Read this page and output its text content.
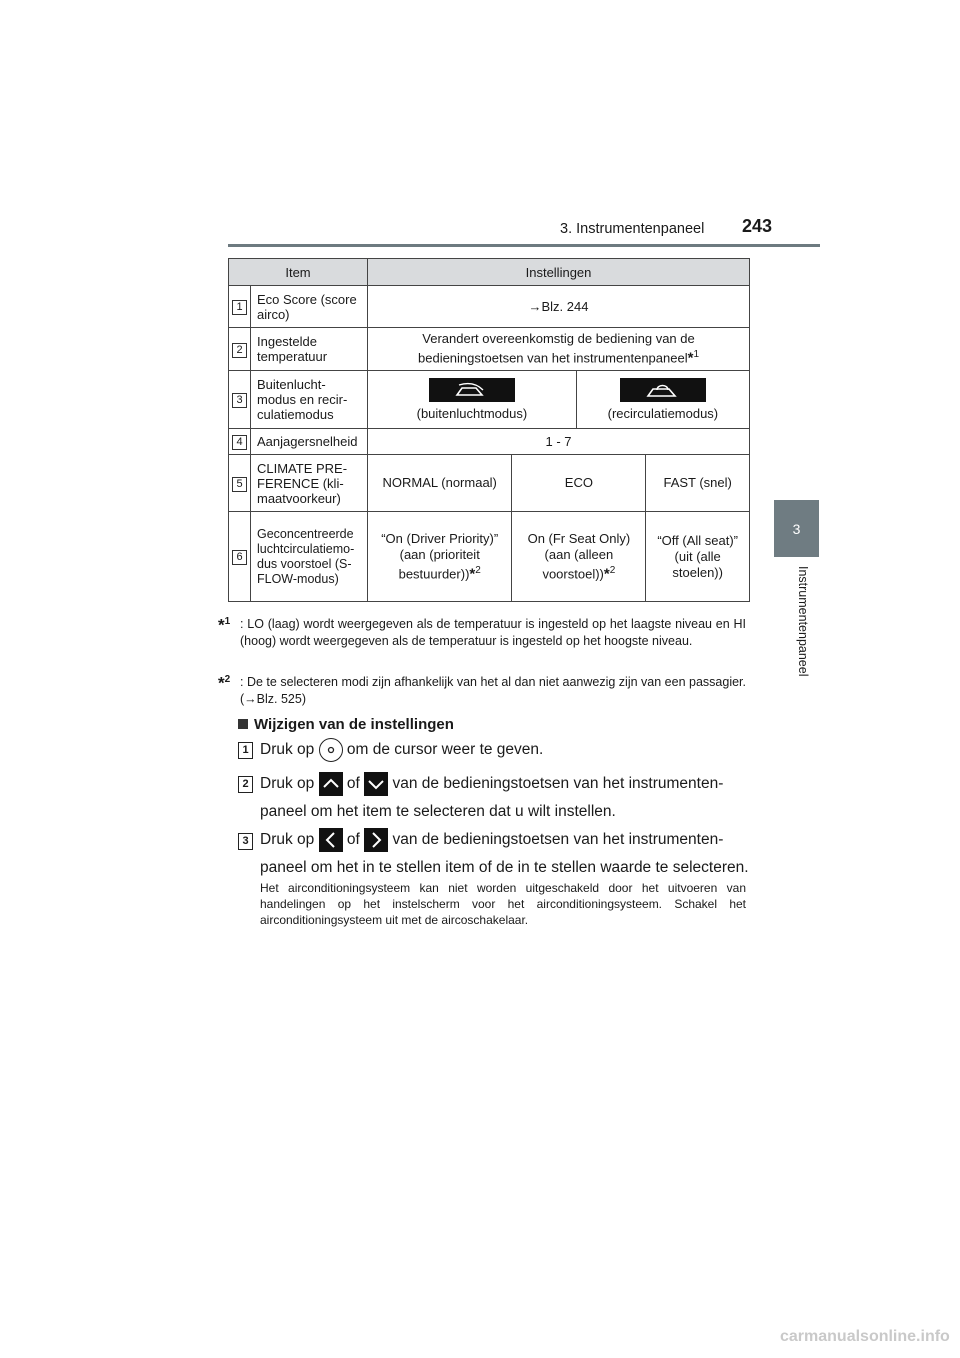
3. Instrumentenpaneel 243
3
Instrumentenpaneel
Item		Instellingen			
1	Eco Score (score airco)	→Blz. 244			
2	Ingestelde temperatuur	Verandert overeenkomstig de bediening van de bedieningstoetsen van het instrumentenpaneel*$^1$
3	Buitenlucht-modus en recir-culatiemodus	(buitenluchtmodus)		(recirculatiemodus)	
4	Aanjagersnelheid	1 - 7			
5	CLIMATE PRE-FERENCE (kli-maatvoorkeur)	NORMAL (normaal)	ECO		FAST (snel)
6	Geconcentreerde luchtcirculatiemo-dus voorstoel (S-FLOW-modus)	“On (Driver Priority)” (aan (prioriteit bestuurder))*$^2$	On (Fr Seat Only) (aan (alleen voorstoel))*$^2$		“Off (All seat)” (uit (alle stoelen))
*$^1$ : LO (laag) wordt weergegeven als de temperatuur is ingesteld op het laagste niveau en HI (hoog) wordt weergegeven als de temperatuur is ingesteld op het hoogste niveau.
*$^2$ : De te selecteren modi zijn afhankelijk van het al dan niet aanwezig zijn van een passagier. (→Blz. 525)
Wijzigen van de instellingen
1 Druk op om de cursor weer te geven.
2 Druk op of van de bedieningstoetsen van het instrumenten-paneel om het item te selecteren dat u wilt instellen.
3 Druk op of van de bedieningstoetsen van het instrumenten-paneel om het in te stellen item of de in te stellen waarde te selecteren.
Het airconditioningsysteem kan niet worden uitgeschakeld door het uitvoeren van handelingen op het instelscherm voor het airconditioningsysteem. Schakel het airconditioningsysteem uit met de aircoschakelaar.
carmanualsonline.info
